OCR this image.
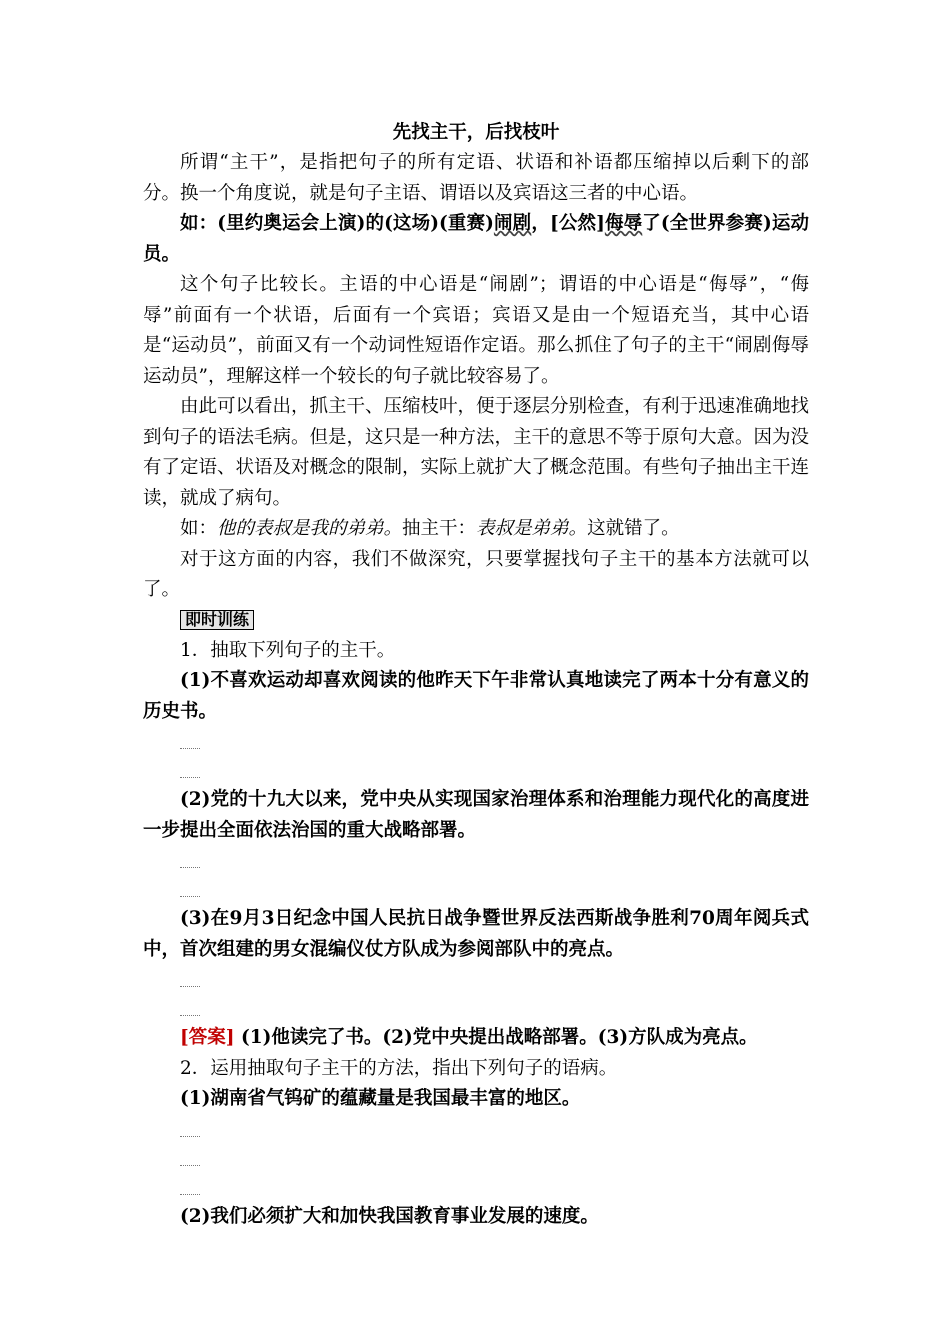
先找主干，后找枝叶

所谓“主干”，是指把句子的所有定语、状语和补语都压缩掉以后剩下的部分。换一个角度说，就是句子主语、谓语以及宾语这三者的中心语。

如：(里约奥运会上演)的(这场)(重赛)闹剧，[公然]侮辱了(全世界参赛)运动员。

这个句子比较长。主语的中心语是“闹剧”；谓语的中心语是“侮辱”，“侮辱”前面有一个状语，后面有一个宾语；宾语又是由一个短语充当，其中心语是“运动员”，前面又有一个动词性短语作定语。那么抓住了句子的主干“闹剧侮辱运动员”，理解这样一个较长的句子就比较容易了。

由此可以看出，抓主干、压缩枝叶，便于逐层分别检查，有利于迅速准确地找到句子的语法毛病。但是，这只是一种方法，主干的意思不等于原句大意。因为没有了定语、状语及对概念的限制，实际上就扩大了概念范围。有些句子抽出主干连读，就成了病句。

如：他的表叔是我的弟弟。抽主干：表叔是弟弟。这就错了。

对于这方面的内容，我们不做深究，只要掌握找句子主干的基本方法就可以了。

即时训练

1．抽取下列句子的主干。

(1)不喜欢运动却喜欢阅读的他昨天下午非常认真地读完了两本十分有意义的历史书。

(2)党的十九大以来，党中央从实现国家治理体系和治理能力现代化的高度进一步提出全面依法治国的重大战略部署。

(3)在9月3日纪念中国人民抗日战争暨世界反法西斯战争胜利70周年阅兵式中，首次组建的男女混编仪仗方队成为参阅部队中的亮点。

[答案] (1)他读完了书。(2)党中央提出战略部署。(3)方队成为亮点。

2．运用抽取句子主干的方法，指出下列句子的语病。

(1)湖南省气钨矿的蕴藏量是我国最丰富的地区。

(2)我们必须扩大和加快我国教育事业发展的速度。
